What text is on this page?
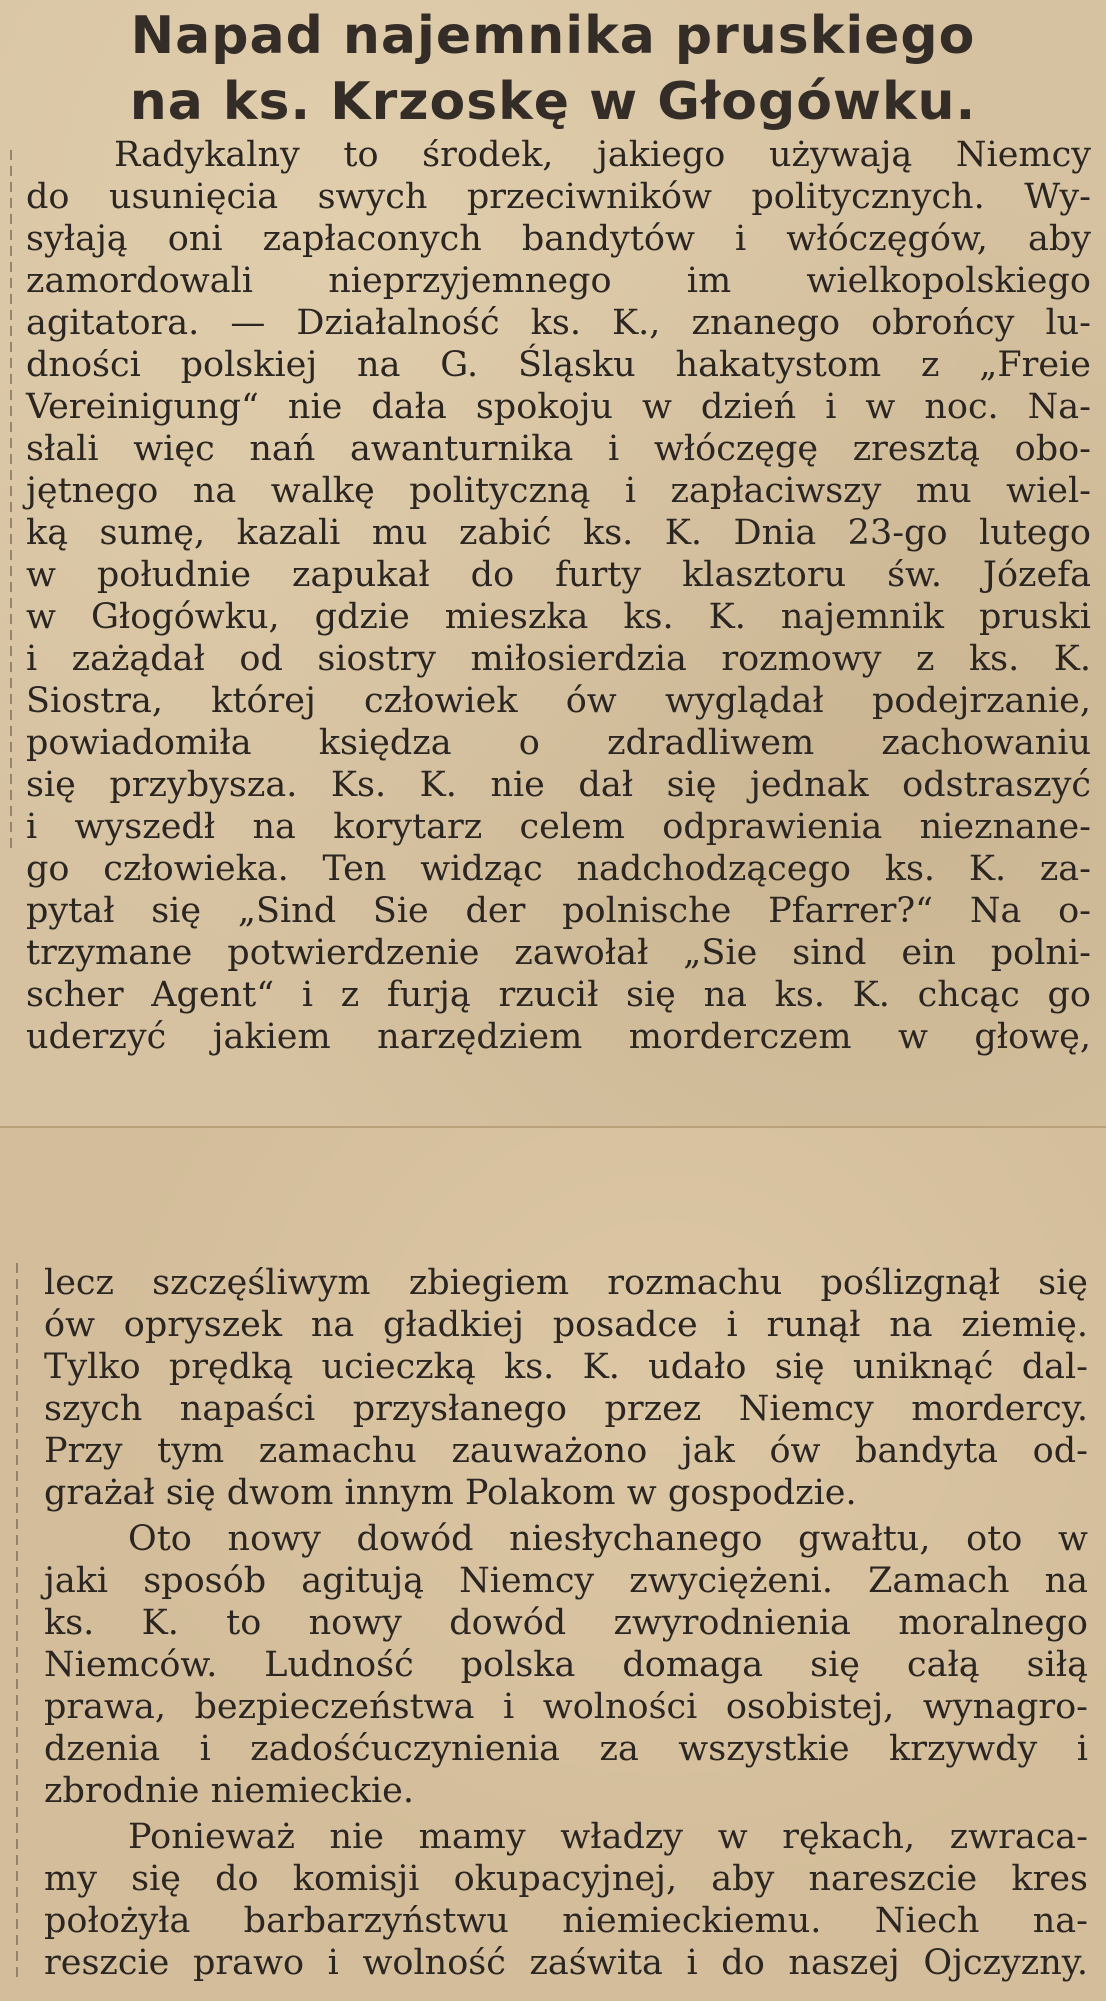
Napad najemnika pruskiego
na ks. Krzoskę w Głogówku.

Radykalny to środek, jakiego używają Niemcy

do usunięcia swych przeciwników politycznych. Wy-

syłają oni zapłaconych bandytów i włóczęgów, aby

zamordowali nieprzyjemnego im wielkopolskiego

agitatora. — Działalność ks. K., znanego obrońcy lu-

dności polskiej na G. Śląsku hakatystom z „Freie

Vereinigung“ nie dała spokoju w dzień i w noc. Na-

słali więc nań awanturnika i włóczęgę zresztą obo-

jętnego na walkę polityczną i zapłaciwszy mu wiel-

ką sumę, kazali mu zabić ks. K. Dnia 23-go lutego

w południe zapukał do furty klasztoru św. Józefa

w Głogówku, gdzie mieszka ks. K. najemnik pruski

i zażądał od siostry miłosierdzia rozmowy z ks. K.

Siostra, której człowiek ów wyglądał podejrzanie,

powiadomiła księdza o zdradliwem zachowaniu

się przybysza. Ks. K. nie dał się jednak odstraszyć

i wyszedł na korytarz celem odprawienia nieznane-

go człowieka. Ten widząc nadchodzącego ks. K. za-

pytał się „Sind Sie der polnische Pfarrer?“ Na o-

trzymane potwierdzenie zawołał „Sie sind ein polni-

scher Agent“ i z furją rzucił się na ks. K. chcąc go

uderzyć jakiem narzędziem morderczem w głowę,

lecz szczęśliwym zbiegiem rozmachu poślizgnął się

ów opryszek na gładkiej posadce i runął na ziemię.

Tylko prędką ucieczką ks. K. udało się uniknąć dal-

szych napaści przysłanego przez Niemcy mordercy.

Przy tym zamachu zauważono jak ów bandyta od-

grażał się dwom innym Polakom w gospodzie.

Oto nowy dowód niesłychanego gwałtu, oto w

jaki sposób agitują Niemcy zwyciężeni. Zamach na

ks. K. to nowy dowód zwyrodnienia moralnego

Niemców. Ludność polska domaga się całą siłą

prawa, bezpieczeństwa i wolności osobistej, wynagro-

dzenia i zadośćuczynienia za wszystkie krzywdy i

zbrodnie niemieckie.

Ponieważ nie mamy władzy w rękach, zwraca-

my się do komisji okupacyjnej, aby nareszcie kres

położyła barbarzyństwu niemieckiemu. Niech na-

reszcie prawo i wolność zaświta i do naszej Ojczyzny.
